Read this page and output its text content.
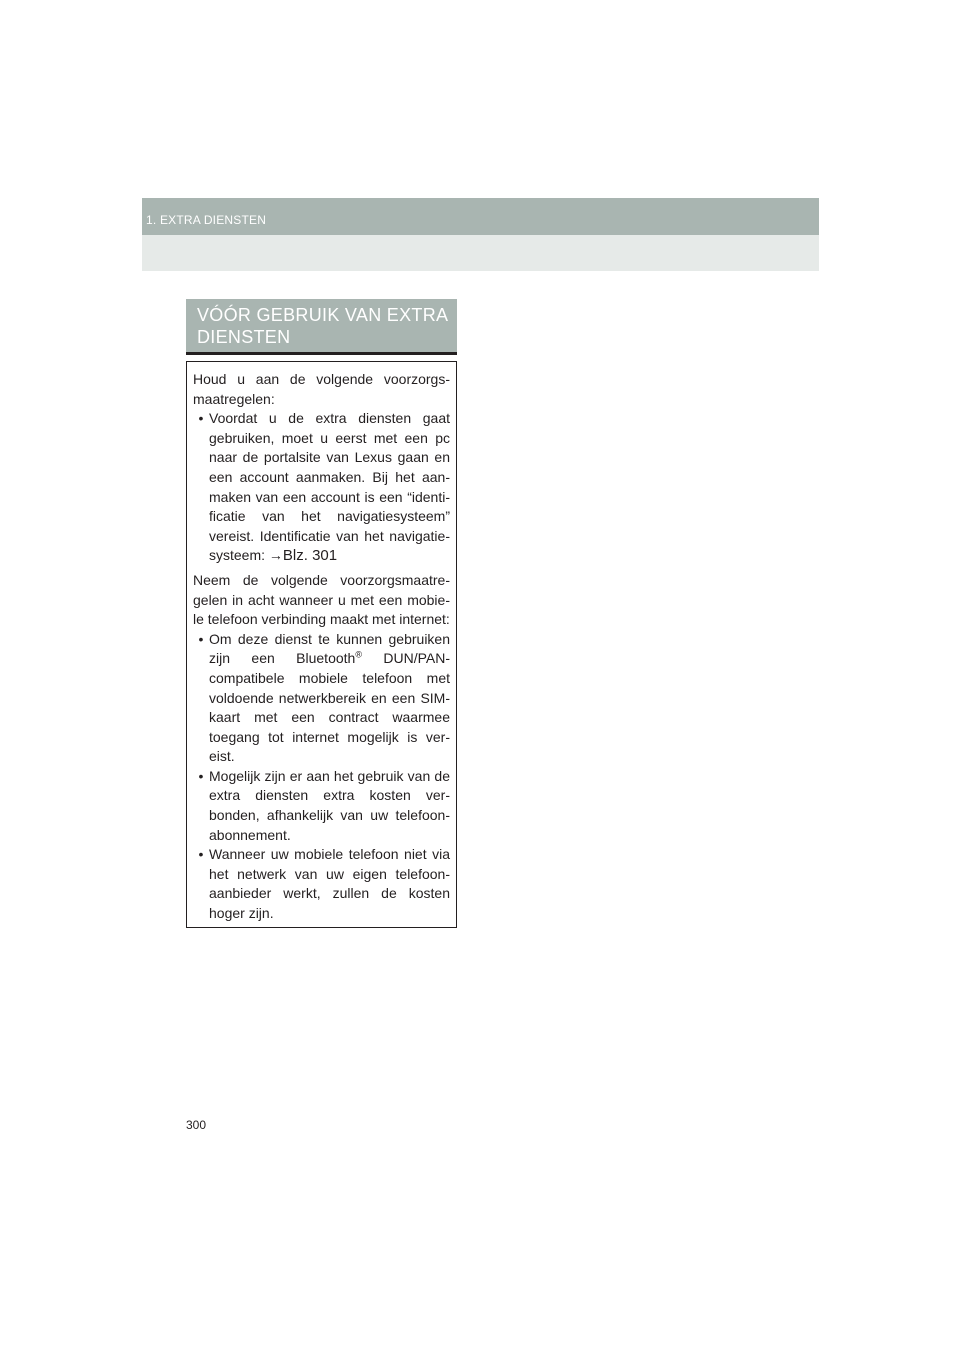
1. EXTRA DIENSTEN
VÓÓR GEBRUIK VAN EXTRA DIENSTEN

Houd u aan de volgende voorzorgs-maatregelen:

• Voordat u de extra diensten gaat gebruiken, moet u eerst met een pc naar de portalsite van Lexus gaan en een account aanmaken. Bij het aan-maken van een account is een “identi-ficatie van het navigatiesysteem” vereist. Identificatie van het navigatie-systeem: →Blz. 301

Neem de volgende voorzorgsmaatre-gelen in acht wanneer u met een mobie-le telefoon verbinding maakt met internet:

• Om deze dienst te kunnen gebruiken zijn een Bluetooth® DUN/PAN-compatibele mobiele telefoon met voldoende netwerkbereik en een SIM-kaart met een contract waarmee toegang tot internet mogelijk is ver-eist.
• Mogelijk zijn er aan het gebruik van de extra diensten extra kosten ver-bonden, afhankelijk van uw telefoon-abonnement.
• Wanneer uw mobiele telefoon niet via het netwerk van uw eigen telefoon-aanbieder werkt, zullen de kosten hoger zijn.
300
